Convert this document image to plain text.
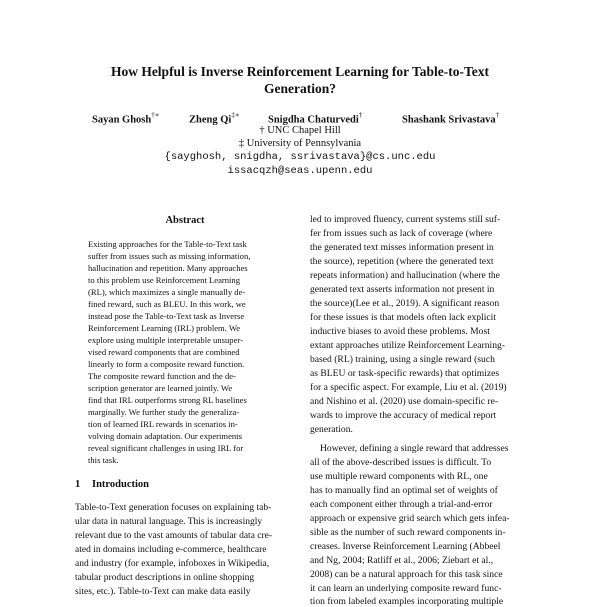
How Helpful is Inverse Reinforcement Learning for Table-to-Text
Generation?
Sayan Ghosh†∗	Zheng Qi‡∗	Snigdha Chaturvedi†	Shashank Srivastava†
† UNC Chapel Hill
‡ University of Pennsylvania
{sayghosh, snigdha, ssrivastava}@cs.unc.edu
issacqzh@seas.upenn.edu
Abstract
Existing approaches for the Table-to-Text task
suffer from issues such as missing information,
hallucination and repetition. Many approaches
to this problem use Reinforcement Learning
(RL), which maximizes a single manually de-
fined reward, such as BLEU. In this work, we
instead pose the Table-to-Text task as Inverse
Reinforcement Learning (IRL) problem. We
explore using multiple interpretable unsuper-
vised reward components that are combined
linearly to form a composite reward function.
The composite reward function and the de-
scription generator are learned jointly. We
find that IRL outperforms strong RL baselines
marginally. We further study the generaliza-
tion of learned IRL rewards in scenarios in-
volving domain adaptation. Our experiments
reveal significant challenges in using IRL for
this task.
1 Introduction
Table-to-Text generation focuses on explaining tab-
ular data in natural language. This is increasingly
relevant due to the vast amounts of tabular data cre-
ated in domains including e-commerce, healthcare
and industry (for example, infoboxes in Wikipedia,
tabular product descriptions in online shopping
sites, etc.). Table-to-Text can make data easily
led to improved fluency, current systems still suf-
fer from issues such as lack of coverage (where
the generated text misses information present in
the source), repetition (where the generated text
repeats information) and hallucination (where the
generated text asserts information not present in
the source)(Lee et al., 2019). A significant reason
for these issues is that models often lack explicit
inductive biases to avoid these problems. Most
extant approaches utilize Reinforcement Learning-
based (RL) training, using a single reward (such
as BLEU or task-specific rewards) that optimizes
for a specific aspect. For example, Liu et al. (2019)
and Nishino et al. (2020) use domain-specific re-
wards to improve the accuracy of medical report
generation.
However, defining a single reward that addresses
all of the above-described issues is difficult. To
use multiple reward components with RL, one
has to manually find an optimal set of weights of
each component either through a trial-and-error
approach or expensive grid search which gets infea-
sible as the number of such reward components in-
creases. Inverse Reinforcement Learning (Abbeel
and Ng, 2004; Ratliff et al., 2006; Ziebart et al.,
2008) can be a natural approach for this task since
it can learn an underlying composite reward func-
tion from labeled examples incorporating multiple
